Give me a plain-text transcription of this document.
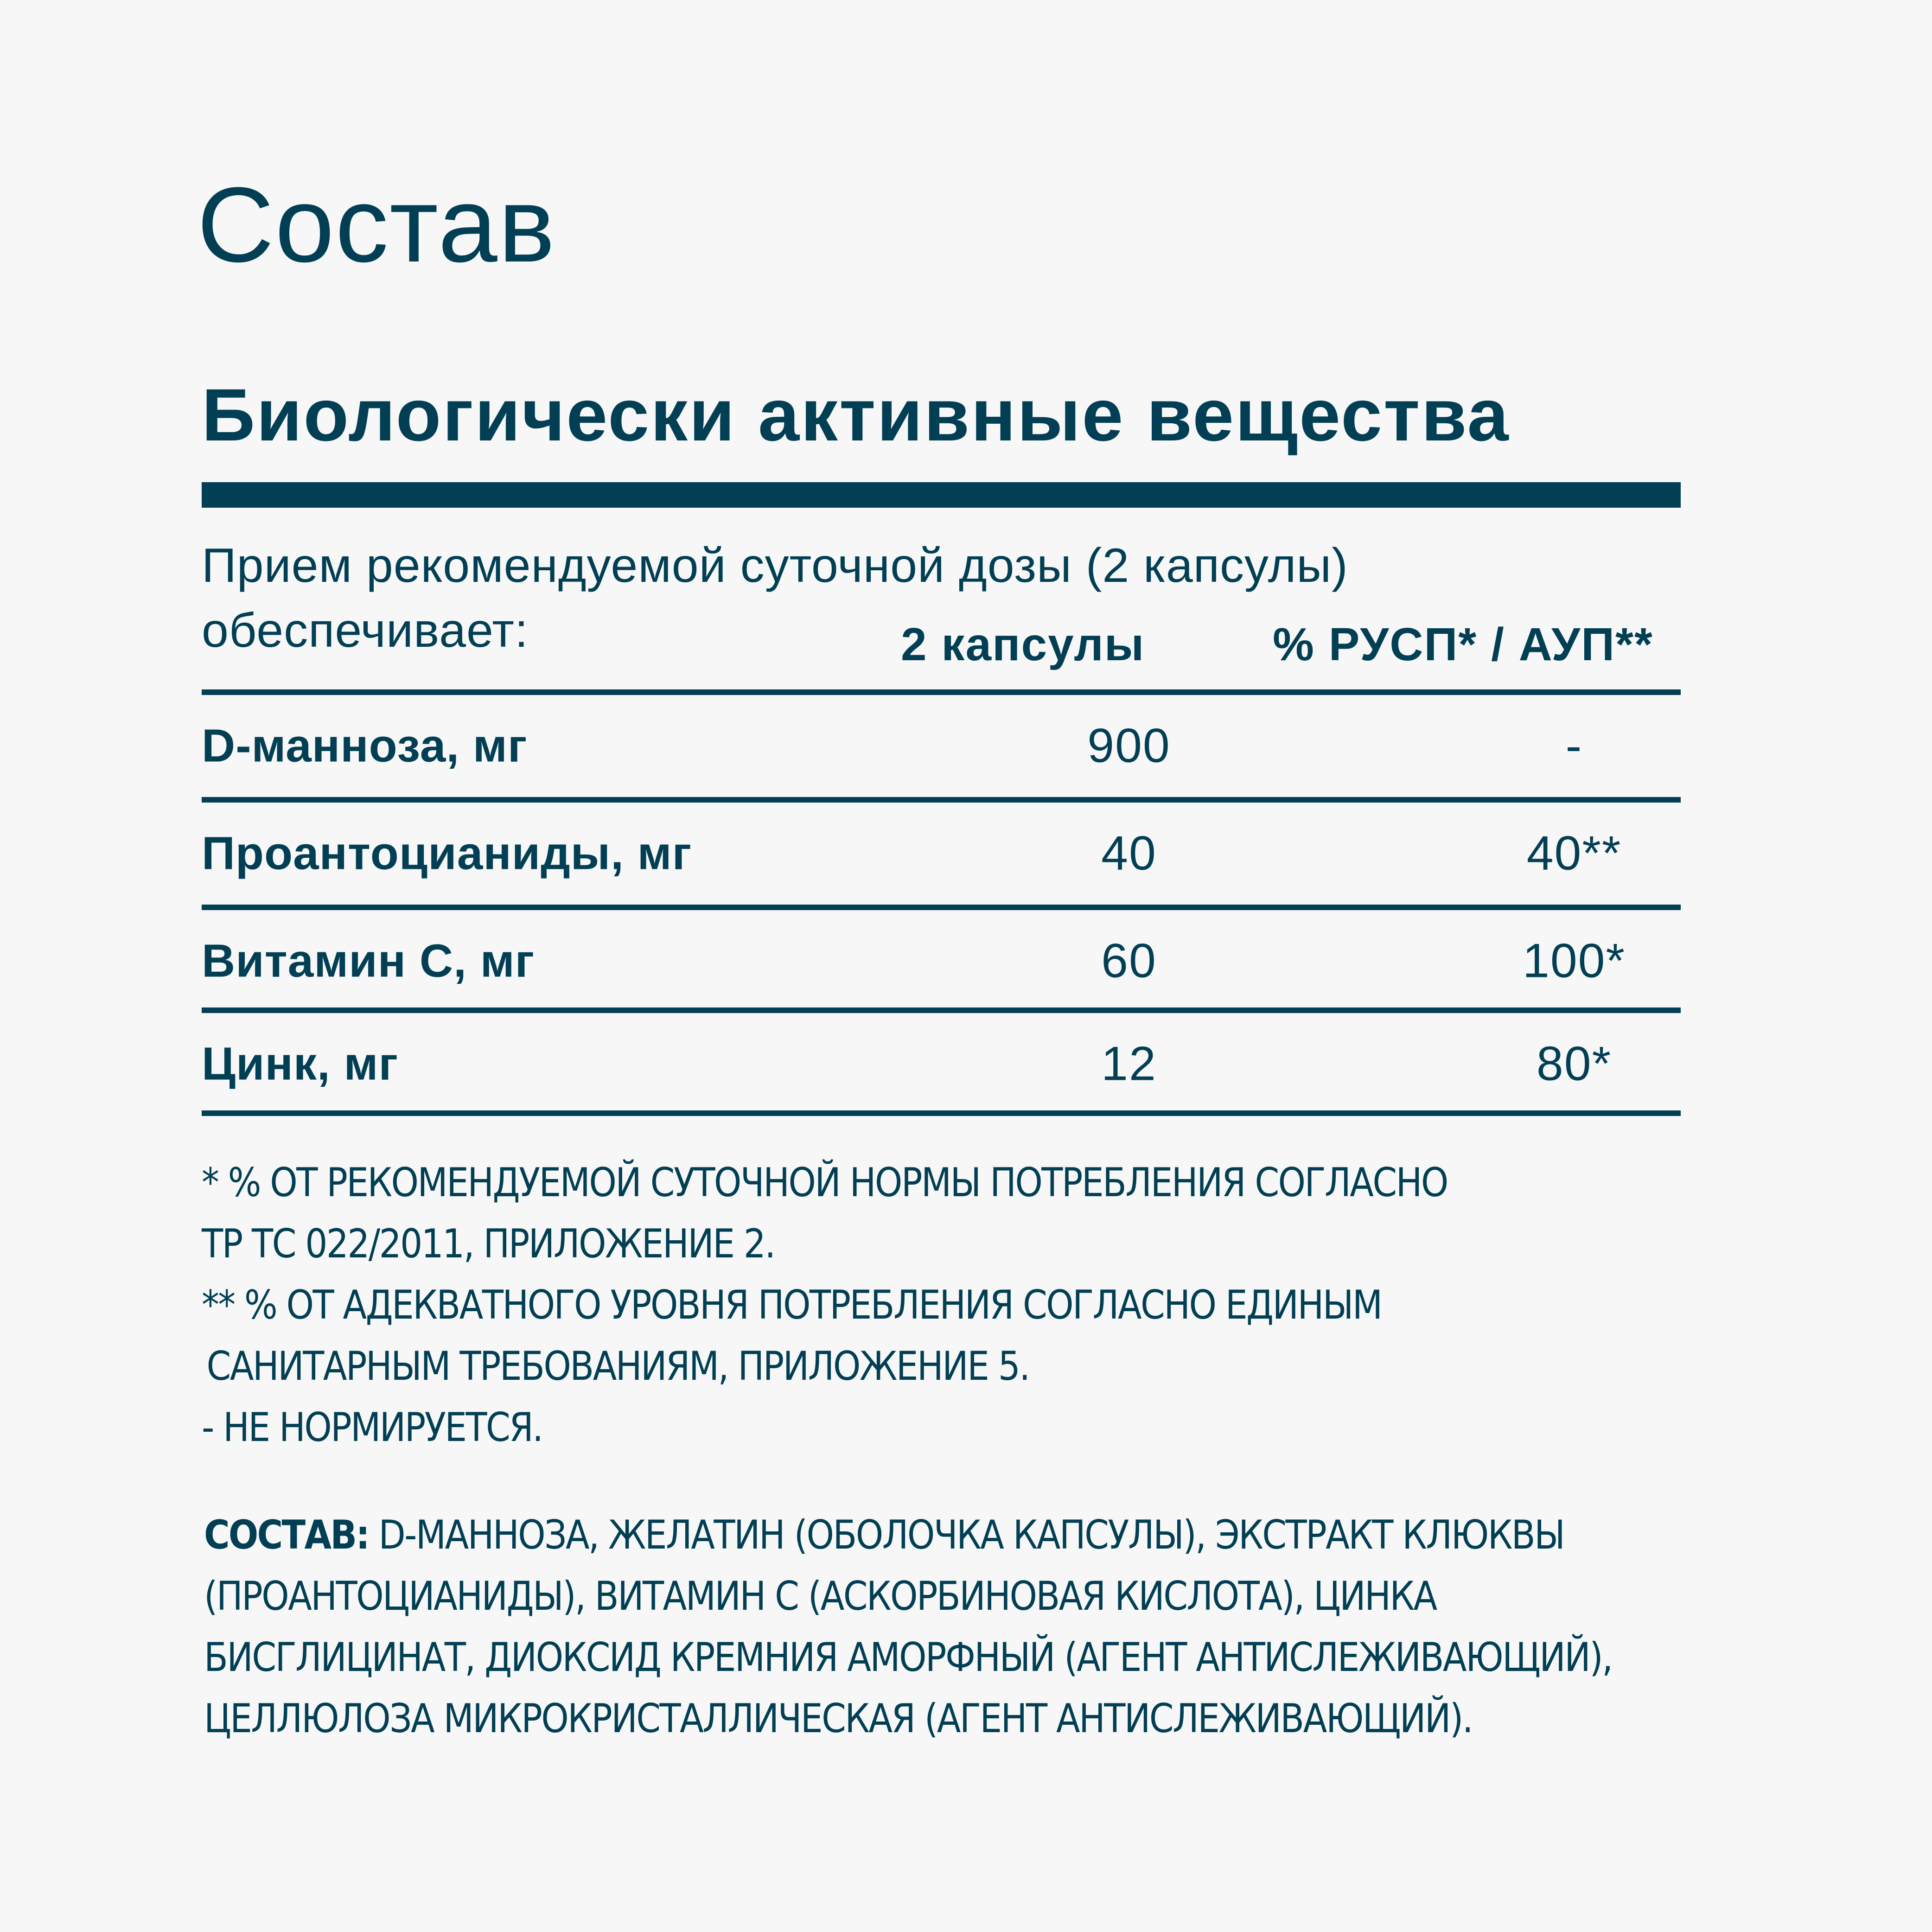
Состав
Биологически активные вещества
Прием рекомендуемой суточной дозы (2 капсулы)
обеспечивает:	2 капсулы	% РУСП* / АУП**
D-манноза, мг	900	-
Проантоцианиды, мг	40	40**
Витамин С, мг	60	100*
Цинк, мг	12	80*
* % ОТ РЕКОМЕНДУЕМОЙ СУТОЧНОЙ НОРМЫ ПОТРЕБЛЕНИЯ СОГЛАСНО
ТР ТС 022/2011, ПРИЛОЖЕНИЕ 2.
** % ОТ АДЕКВАТНОГО УРОВНЯ ПОТРЕБЛЕНИЯ СОГЛАСНО ЕДИНЫМ
САНИТАРНЫМ ТРЕБОВАНИЯМ, ПРИЛОЖЕНИЕ 5.
- НЕ НОРМИРУЕТСЯ.
СОСТАВ: D-МАННОЗА, ЖЕЛАТИН (ОБОЛОЧКА КАПСУЛЫ), ЭКСТРАКТ КЛЮКВЫ
(ПРОАНТОЦИАНИДЫ), ВИТАМИН С (АСКОРБИНОВАЯ КИСЛОТА), ЦИНКА
БИСГЛИЦИНАТ, ДИОКСИД КРЕМНИЯ АМОРФНЫЙ (АГЕНТ АНТИСЛЕЖИВАЮЩИЙ),
ЦЕЛЛЮЛОЗА МИКРОКРИСТАЛЛИЧЕСКАЯ (АГЕНТ АНТИСЛЕЖИВАЮЩИЙ).
